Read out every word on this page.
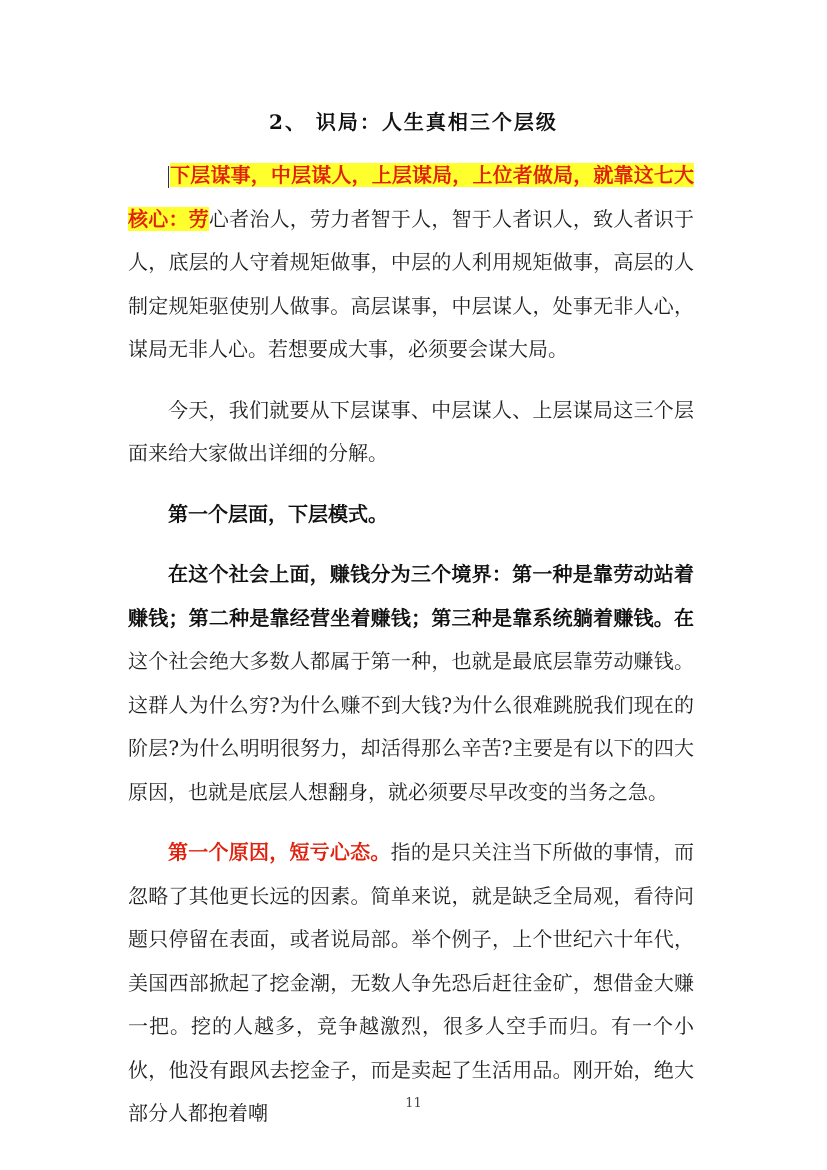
2、 识局：人生真相三个层级

下层谋事，中层谋人，上层谋局，上位者做局，就靠这七大核心：劳心者治人，劳力者智于人，智于人者识人，致人者识于人，底层的人守着规矩做事，中层的人利用规矩做事，高层的人制定规矩驱使别人做事。高层谋事，中层谋人，处事无非人心，谋局无非人心。若想要成大事，必须要会谋大局。

今天，我们就要从下层谋事、中层谋人、上层谋局这三个层面来给大家做出详细的分解。

第一个层面，下层模式。

在这个社会上面，赚钱分为三个境界：第一种是靠劳动站着赚钱；第二种是靠经营坐着赚钱；第三种是靠系统躺着赚钱。在这个社会绝大多数人都属于第一种，也就是最底层靠劳动赚钱。这群人为什么穷?为什么赚不到大钱?为什么很难跳脱我们现在的阶层?为什么明明很努力，却活得那么辛苦?主要是有以下的四大原因，也就是底层人想翻身，就必须要尽早改变的当务之急。

第一个原因，短亏心态。指的是只关注当下所做的事情，而忽略了其他更长远的因素。简单来说，就是缺乏全局观，看待问题只停留在表面，或者说局部。举个例子，上个世纪六十年代，美国西部掀起了挖金潮，无数人争先恐后赶往金矿，想借金大赚一把。挖的人越多，竞争越激烈，很多人空手而归。有一个小伙，他没有跟风去挖金子，而是卖起了生活用品。刚开始，绝大部分人都抱着嘲	11
